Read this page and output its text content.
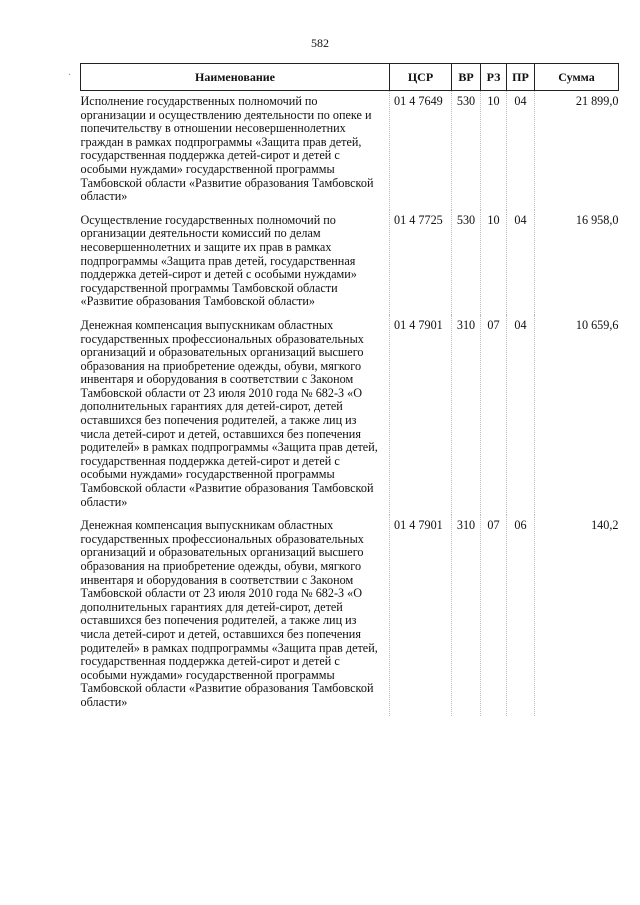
582
·	Наименование	ЦСР	ВР	РЗ	ПР	Сумма
Исполнение государственных полномочий по организации и осуществлению деятельности по опеке и попечительству в отношении несовершеннолетних граждан в рамках подпрограммы «Защита прав детей, государственная поддержка детей-сирот и детей с особыми нуждами» государственной программы Тамбовской области «Развитие образования Тамбовской области»	01 4 7649	530	10	04	21 899,0
Осуществление государственных полномочий по организации деятельности комиссий по делам несовершеннолетних и защите их прав в рамках подпрограммы «Защита прав детей, государственная поддержка детей-сирот и детей с особыми нуждами» государственной программы Тамбовской области «Развитие образования Тамбовской области»	01 4 7725	530	10	04	16 958,0
Денежная компенсация выпускникам областных государственных профессиональных образовательных организаций и образовательных организаций высшего образования на приобретение одежды, обуви, мягкого инвентаря и оборудования в соответствии с Законом Тамбовской области от 23 июля 2010 года № 682-З «О дополнительных гарантиях для детей-сирот, детей оставшихся без попечения родителей, а также лиц из числа детей-сирот и детей, оставшихся без попечения родителей» в рамках подпрограммы «Защита прав детей, государственная поддержка детей-сирот и детей с особыми нуждами» государственной программы Тамбовской области «Развитие образования Тамбовской области»	01 4 7901	310	07	04	10 659,6
Денежная компенсация выпускникам областных государственных профессиональных образовательных организаций и образовательных организаций высшего образования на приобретение одежды, обуви, мягкого инвентаря и оборудования в соответствии с Законом Тамбовской области от 23 июля 2010 года № 682-З «О дополнительных гарантиях для детей-сирот, детей оставшихся без попечения родителей, а также лиц из числа детей-сирот и детей, оставшихся без попечения родителей» в рамках подпрограммы «Защита прав детей, государственная поддержка детей-сирот и детей с особыми нуждами» государственной программы Тамбовской области «Развитие образования Тамбовской области»	01 4 7901	310	07	06	140,2
